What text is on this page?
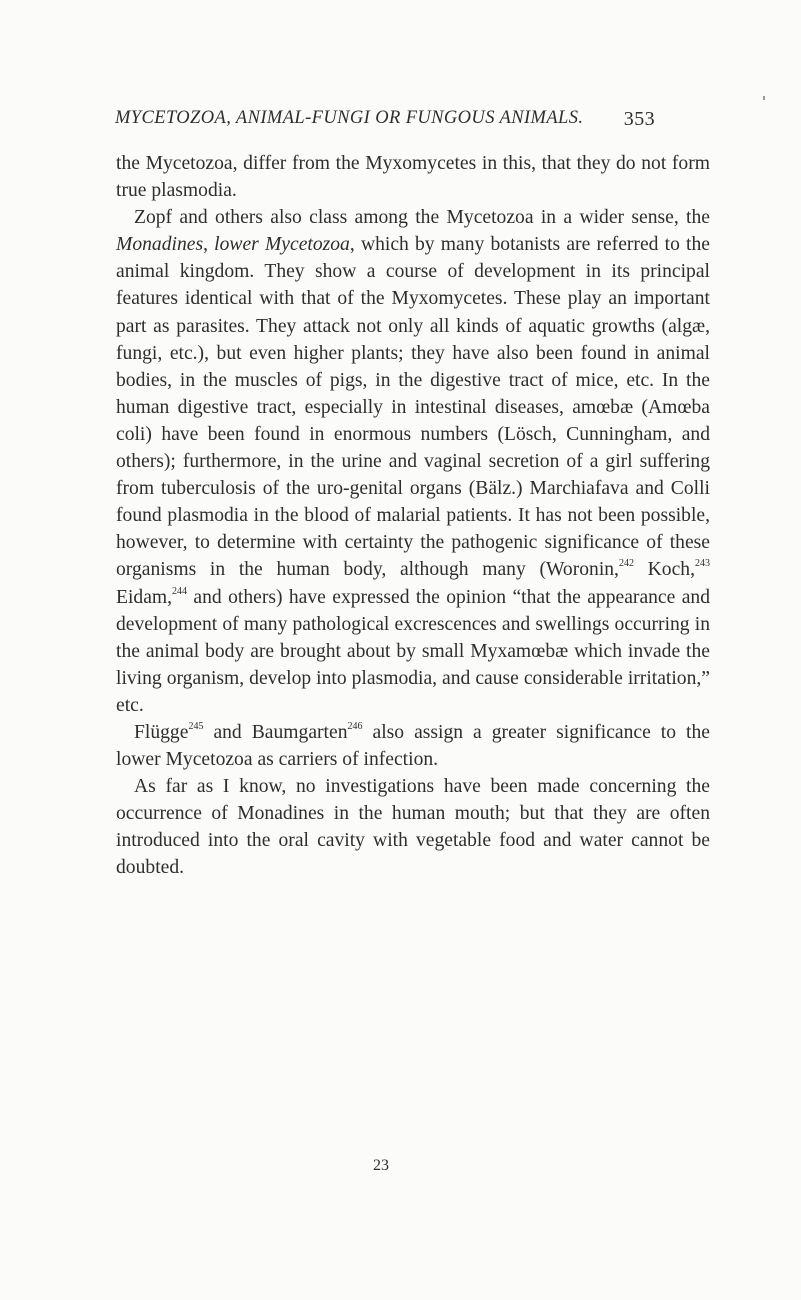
MYCETOZOA, ANIMAL-FUNGI OR FUNGOUS ANIMALS. 353

the Mycetozoa, differ from the Myxomycetes in this, that they do not form true plasmodia.

Zopf and others also class among the Mycetozoa in a wider sense, the Monadines, lower Mycetozoa, which by many botanists are referred to the animal kingdom. They show a course of development in its principal features identical with that of the Myxomycetes. These play an important part as parasites. They attack not only all kinds of aquatic growths (algæ, fungi, etc.), but even higher plants; they have also been found in animal bodies, in the muscles of pigs, in the digestive tract of mice, etc. In the human digestive tract, especially in intestinal diseases, amœbæ (Amœba coli) have been found in enormous numbers (Lösch, Cunningham, and others); furthermore, in the urine and vaginal secretion of a girl suffering from tuberculosis of the uro-genital organs (Bälz.) Marchiafava and Colli found plasmodia in the blood of malarial patients. It has not been possible, however, to determine with certainty the pathogenic significance of these organisms in the human body, although many (Woronin,$^{242}$ Koch,$^{243}$ Eidam,$^{244}$ and others) have expressed the opinion “that the appearance and development of many pathological excrescences and swellings occurring in the animal body are brought about by small Myxamœbæ which invade the living organism, develop into plasmodia, and cause considerable irritation,” etc.

Flügge$^{245}$ and Baumgarten$^{246}$ also assign a greater significance to the lower Mycetozoa as carriers of infection.

As far as I know, no investigations have been made concerning the occurrence of Monadines in the human mouth; but that they are often introduced into the oral cavity with vegetable food and water cannot be doubted.

23
